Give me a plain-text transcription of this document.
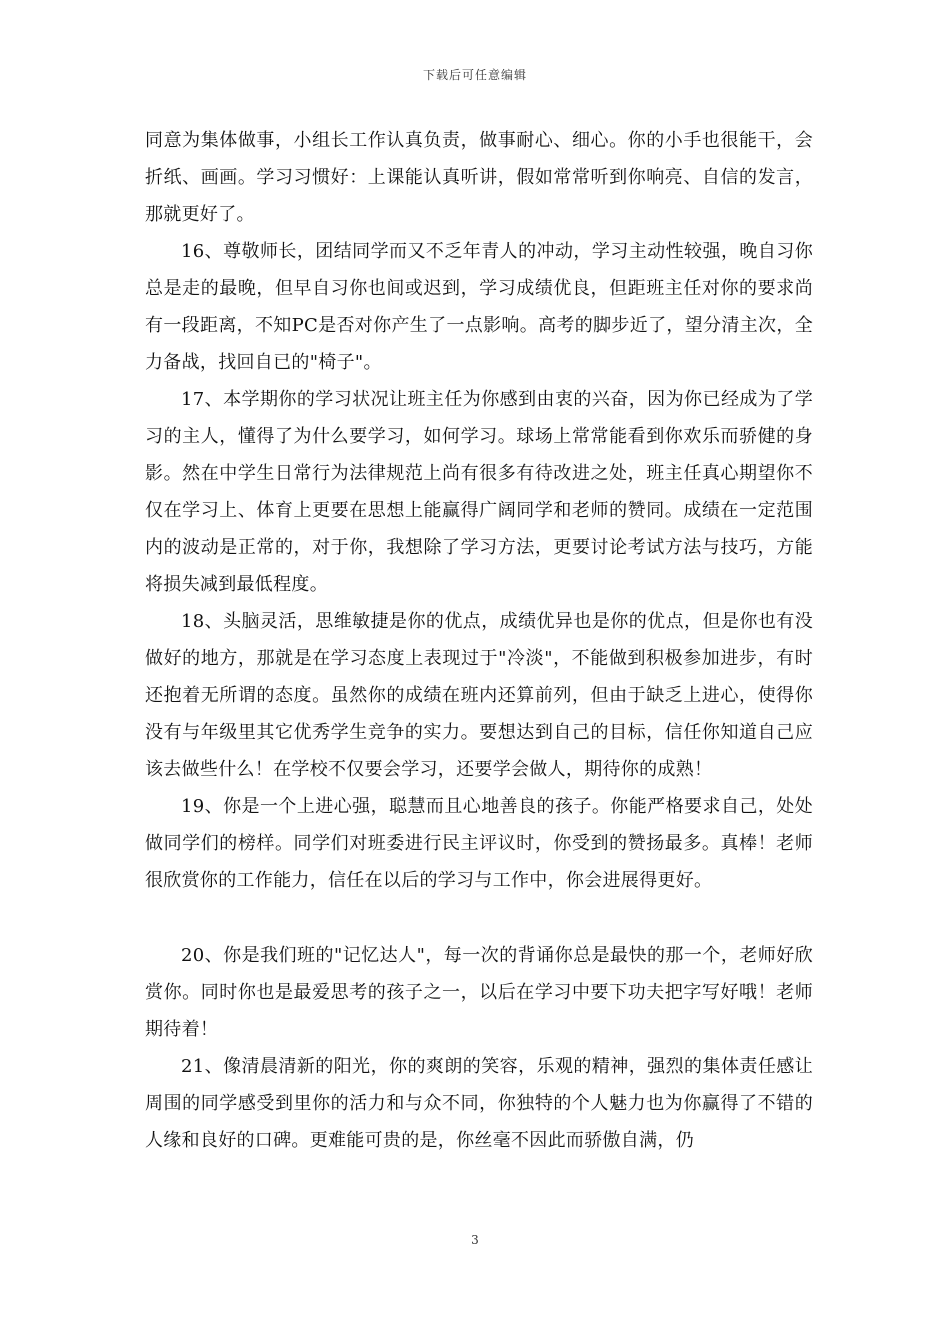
下载后可任意编辑

同意为集体做事，小组长工作认真负责，做事耐心、细心。你的小手也很能干，会折纸、画画。学习习惯好：上课能认真听讲，假如常常听到你响亮、自信的发言，那就更好了。

16、尊敬师长，团结同学而又不乏年青人的冲动，学习主动性较强，晚自习你总是走的最晚，但早自习你也间或迟到，学习成绩优良，但距班主任对你的要求尚有一段距离，不知PC是否对你产生了一点影响。高考的脚步近了，望分清主次，全力备战，找回自已的"椅子"。

17、本学期你的学习状况让班主任为你感到由衷的兴奋，因为你已经成为了学习的主人，懂得了为什么要学习，如何学习。球场上常常能看到你欢乐而骄健的身影。然在中学生日常行为法律规范上尚有很多有待改进之处，班主任真心期望你不仅在学习上、体育上更要在思想上能赢得广阔同学和老师的赞同。成绩在一定范围内的波动是正常的，对于你，我想除了学习方法，更要讨论考试方法与技巧，方能将损失减到最低程度。

18、头脑灵活，思维敏捷是你的优点，成绩优异也是你的优点，但是你也有没做好的地方，那就是在学习态度上表现过于"冷淡"，不能做到积极参加进步，有时还抱着无所谓的态度。虽然你的成绩在班内还算前列，但由于缺乏上进心，使得你没有与年级里其它优秀学生竞争的实力。要想达到自己的目标，信任你知道自己应该去做些什么！在学校不仅要会学习，还要学会做人，期待你的成熟！

19、你是一个上进心强，聪慧而且心地善良的孩子。你能严格要求自己，处处做同学们的榜样。同学们对班委进行民主评议时，你受到的赞扬最多。真棒！老师很欣赏你的工作能力，信任在以后的学习与工作中，你会进展得更好。

20、你是我们班的"记忆达人"，每一次的背诵你总是最快的那一个，老师好欣赏你。同时你也是最爱思考的孩子之一，以后在学习中要下功夫把字写好哦！老师期待着！

21、像清晨清新的阳光，你的爽朗的笑容，乐观的精神，强烈的集体责任感让周围的同学感受到里你的活力和与众不同，你独特的个人魅力也为你赢得了不错的人缘和良好的口碑。更难能可贵的是，你丝毫不因此而骄傲自满，仍

3
